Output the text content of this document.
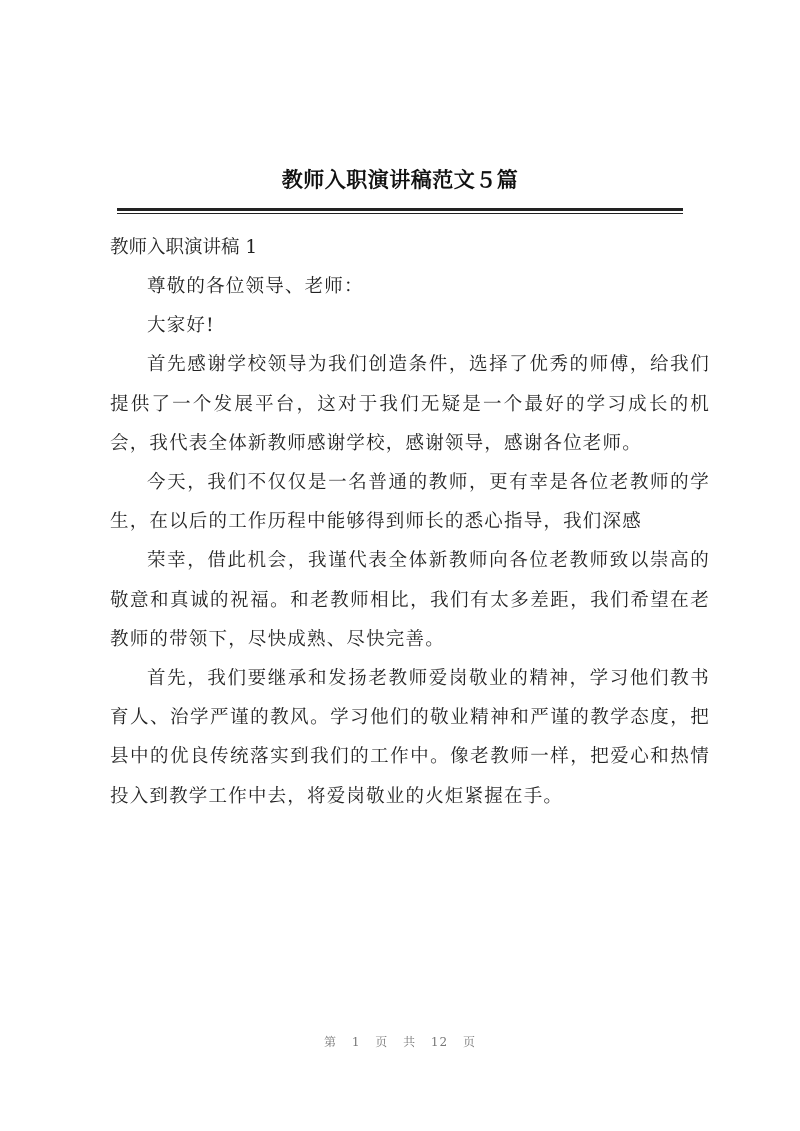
教师入职演讲稿范文５篇

教师入职演讲稿 1

尊敬的各位领导、老师：

大家好!

首先感谢学校领导为我们创造条件，选择了优秀的师傅，给我们提供了一个发展平台，这对于我们无疑是一个最好的学习成长的机会，我代表全体新教师感谢学校，感谢领导，感谢各位老师。

今天，我们不仅仅是一名普通的教师，更有幸是各位老教师的学生，在以后的工作历程中能够得到师长的悉心指导，我们深感

荣幸，借此机会，我谨代表全体新教师向各位老教师致以崇高的敬意和真诚的祝福。和老教师相比，我们有太多差距，我们希望在老教师的带领下，尽快成熟、尽快完善。

首先，我们要继承和发扬老教师爱岗敬业的精神，学习他们教书育人、治学严谨的教风。学习他们的敬业精神和严谨的教学态度，把县中的优良传统落实到我们的工作中。像老教师一样，把爱心和热情投入到教学工作中去，将爱岗敬业的火炬紧握在手。

第 1 页 共 12 页
